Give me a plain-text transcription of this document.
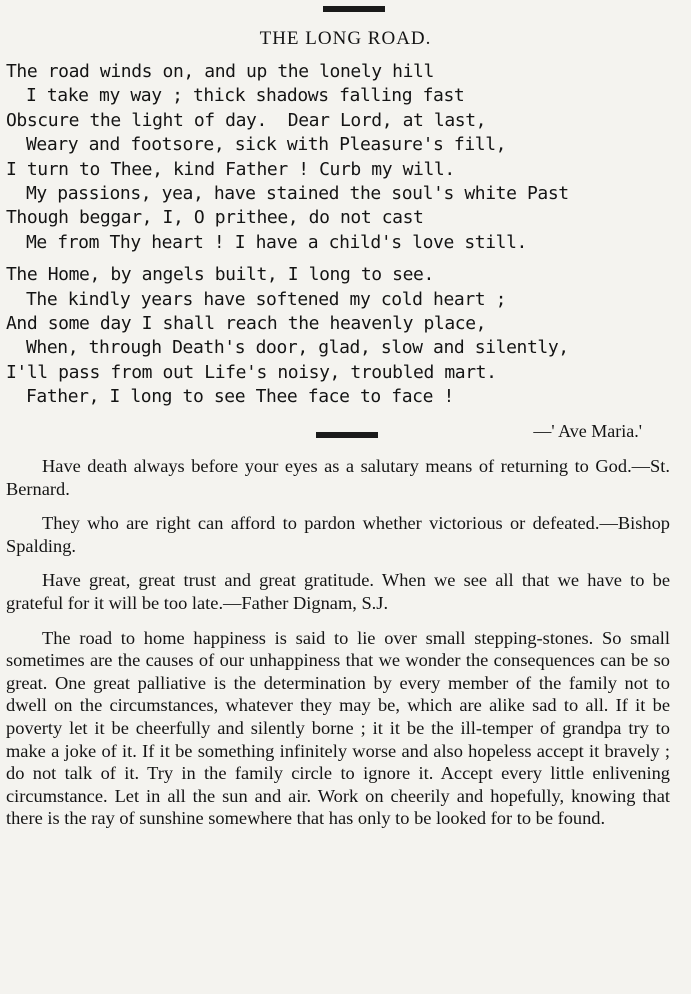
THE LONG ROAD.
The road winds on, and up the lonely hill
I take my way ; thick shadows falling fast
Obscure the light of day.  Dear Lord, at last,
Weary and footsore, sick with Pleasure's fill,
I turn to Thee, kind Father ! Curb my will.
My passions, yea, have stained the soul's white Past
Though beggar, I, O prithee, do not cast
Me from Thy heart ! I have a child's love still.
The Home, by angels built, I long to see.
The kindly years have softened my cold heart ;
And some day I shall reach the heavenly place,
When, through Death's door, glad, slow and silently,
I'll pass from out Life's noisy, troubled mart.
Father, I long to see Thee face to face !
—' Ave Maria.'

Have death always before your eyes as a salutary means of returning to God.—St. Bernard.

They who are right can afford to pardon whether victorious or defeated.—Bishop Spalding.

Have great, great trust and great gratitude. When we see all that we have to be grateful for it will be too late.—Father Dignam, S.J.

The road to home happiness is said to lie over small stepping-stones. So small sometimes are the causes of our unhappiness that we wonder the consequences can be so great. One great palliative is the determination by every member of the family not to dwell on the circumstances, whatever they may be, which are alike sad to all. If it be poverty let it be cheerfully and silently borne ; it it be the ill-temper of grandpa try to make a joke of it. If it be something infinitely worse and also hopeless accept it bravely ; do not talk of it. Try in the family circle to ignore it. Accept every little enlivening circumstance. Let in all the sun and air. Work on cheerily and hopefully, knowing that there is the ray of sunshine somewhere that has only to be looked for to be found.
